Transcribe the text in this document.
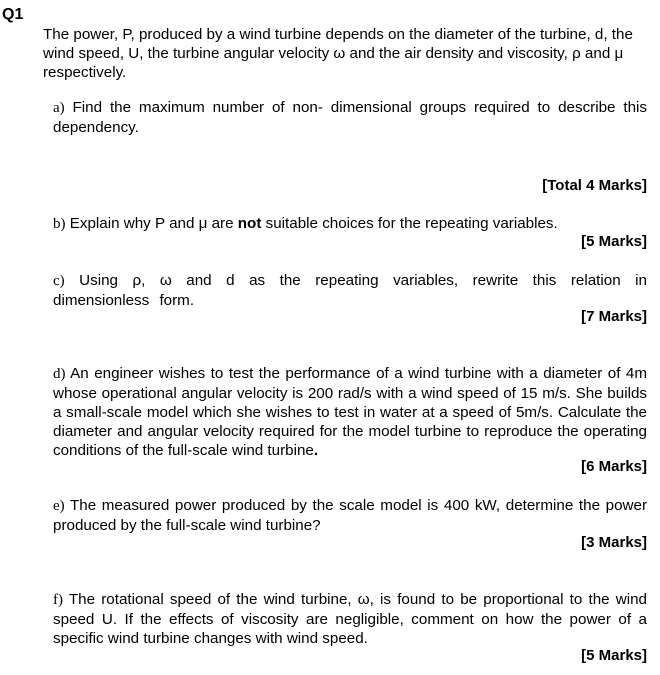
Q1
The power, P, produced by a wind turbine depends on the diameter of the turbine, d, the wind speed, U, the turbine angular velocity ω and the air density and viscosity, ρ and μ respectively.
a) Find the maximum number of non- dimensional groups required to describe this dependency.
[Total 4 Marks]
b) Explain why P and μ are not suitable choices for the repeating variables.
[5 Marks]
c) Using ρ, ω and d as the repeating variables, rewrite this relation in dimensionless form.
[7 Marks]
d) An engineer wishes to test the performance of a wind turbine with a diameter of 4m whose operational angular velocity is 200 rad/s with a wind speed of 15 m/s. She builds a small-scale model which she wishes to test in water at a speed of 5m/s. Calculate the diameter and angular velocity required for the model turbine to reproduce the operating conditions of the full-scale wind turbine.
[6 Marks]
e) The measured power produced by the scale model is 400 kW, determine the power produced by the full-scale wind turbine?
[3 Marks]
f) The rotational speed of the wind turbine, ω, is found to be proportional to the wind speed U. If the effects of viscosity are negligible, comment on how the power of a specific wind turbine changes with wind speed.
[5 Marks]
